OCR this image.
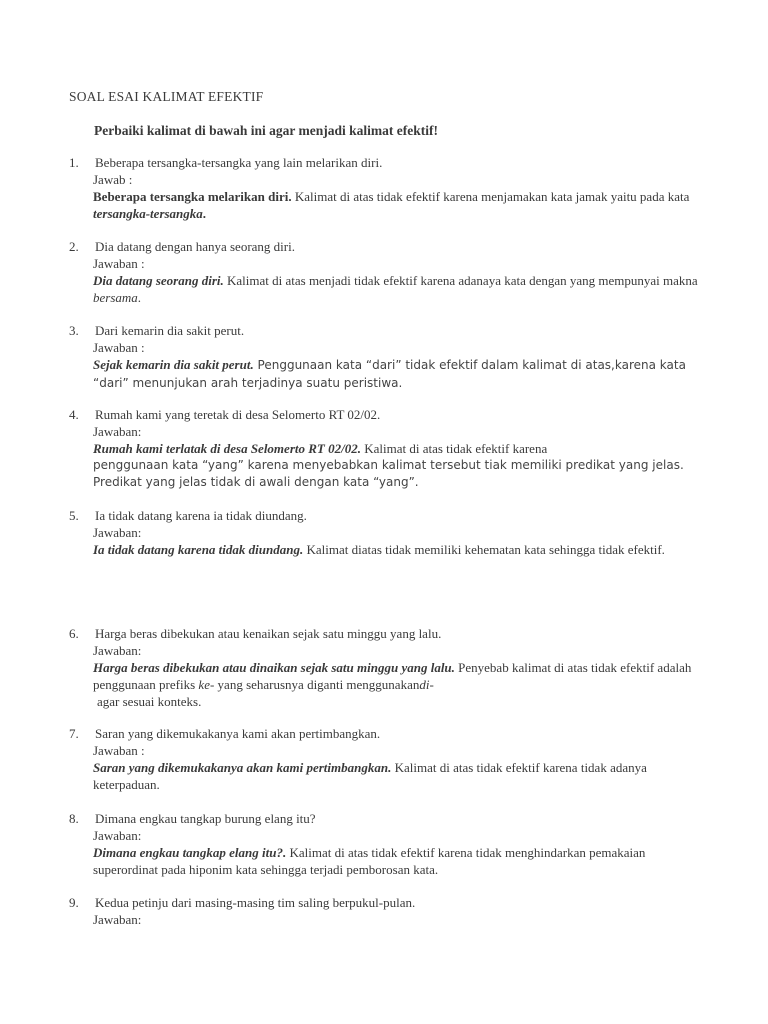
SOAL ESAI KALIMAT EFEKTIF
Perbaiki kalimat di bawah ini agar menjadi kalimat efektif!
1. Beberapa tersangka-tersangka yang lain melarikan diri.
Jawab :
Beberapa tersangka melarikan diri. Kalimat di atas tidak efektif karena menjamakan kata jamak yaitu pada kata tersangka-tersangka.
2. Dia datang dengan hanya seorang diri.
Jawaban :
Dia datang seorang diri. Kalimat di atas menjadi tidak efektif karena adanaya kata dengan yang mempunyai makna bersama.
3. Dari kemarin dia sakit perut.
Jawaban :
Sejak kemarin dia sakit perut. Penggunaan kata “dari” tidak efektif dalam kalimat di atas,karena kata “dari” menunjukan arah terjadinya suatu peristiwa.
4. Rumah kami yang teretak di desa Selomerto RT 02/02.
Jawaban:
Rumah kami terlatak di desa Selomerto RT 02/02. Kalimat di atas tidak efektif karena
penggunaan kata “yang” karena menyebabkan kalimat tersebut tiak memiliki predikat yang jelas. Predikat yang jelas tidak di awali dengan kata “yang”.
5. Ia tidak datang karena ia tidak diundang.
Jawaban:
Ia tidak datang karena tidak diundang. Kalimat diatas tidak memiliki kehematan kata sehingga tidak efektif.
6. Harga beras dibekukan atau kenaikan sejak satu minggu yang lalu.
Jawaban:
Harga beras dibekukan atau dinaikan sejak satu minggu yang lalu. Penyebab kalimat di atas tidak efektif adalah penggunaan prefiks ke- yang seharusnya diganti menggunakandi-
agar sesuai konteks.
7. Saran yang dikemukakanya kami akan pertimbangkan.
Jawaban :
Saran yang dikemukakanya akan kami pertimbangkan. Kalimat di atas tidak efektif karena tidak adanya keterpaduan.
8. Dimana engkau tangkap burung elang itu?
Jawaban:
Dimana engkau tangkap elang itu?. Kalimat di atas tidak efektif karena tidak menghindarkan pemakaian superordinat pada hiponim kata sehingga terjadi pemborosan kata.
9. Kedua petinju dari masing-masing tim saling berpukul-pulan.
Jawaban:
